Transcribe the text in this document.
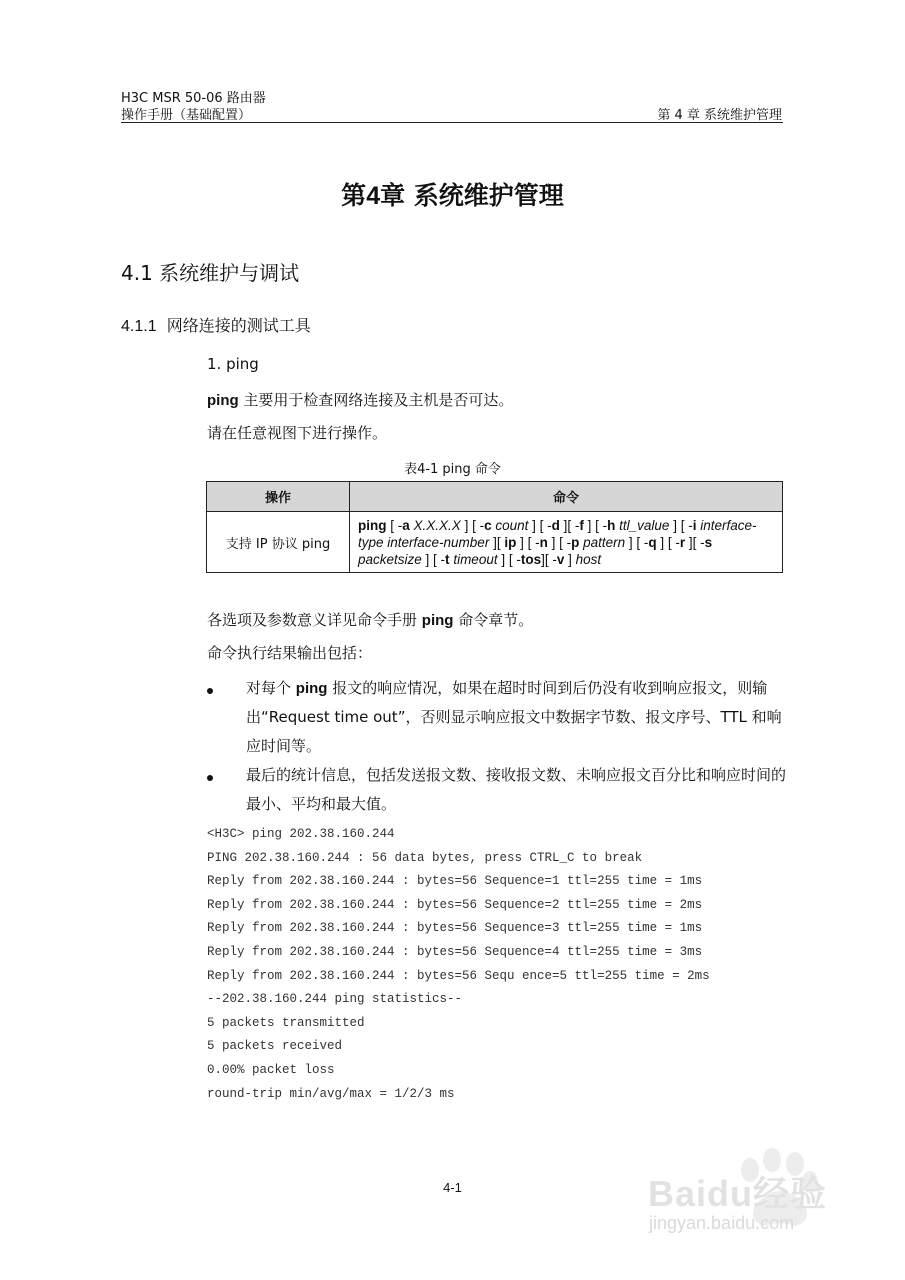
H3C MSR 50-06 路由器
操作手册（基础配置）	第 4 章 系统维护管理
第4章 系统维护管理
4.1 系统维护与调试
4.1.1  网络连接的测试工具
1. ping
ping 主要用于检查网络连接及主机是否可达。
请在任意视图下进行操作。
表4-1 ping 命令
操作	命令
支持 IP 协议 ping	ping [ -a X.X.X.X ] [ -c count ] [ -d ][ -f ] [ -h ttl_value ] [ -i interface-type interface-number ][ ip ] [ -n ] [ -p pattern ] [ -q ] [ -r ][ -s packetsize ] [ -t timeout ] [ -tos][ -v ] host
各选项及参数意义详见命令手册 ping 命令章节。
命令执行结果输出包括：
对每个 ping 报文的响应情况，如果在超时时间到后仍没有收到响应报文，则输出“Request time out”，否则显示响应报文中数据字节数、报文序号、TTL 和响应时间等。
最后的统计信息，包括发送报文数、接收报文数、未响应报文百分比和响应时间的最小、平均和最大值。
<H3C> ping 202.38.160.244
PING 202.38.160.244 : 56 data bytes, press CTRL_C to break
Reply from 202.38.160.244 : bytes=56 Sequence=1 ttl=255 time = 1ms
Reply from 202.38.160.244 : bytes=56 Sequence=2 ttl=255 time = 2ms
Reply from 202.38.160.244 : bytes=56 Sequence=3 ttl=255 time = 1ms
Reply from 202.38.160.244 : bytes=56 Sequence=4 ttl=255 time = 3ms
Reply from 202.38.160.244 : bytes=56 Sequ ence=5 ttl=255 time = 2ms
--202.38.160.244 ping statistics--
5 packets transmitted
5 packets received
0.00% packet loss
round-trip min/avg/max = 1/2/3 ms
4-1	Baidu经验
jingyan.baidu.com
